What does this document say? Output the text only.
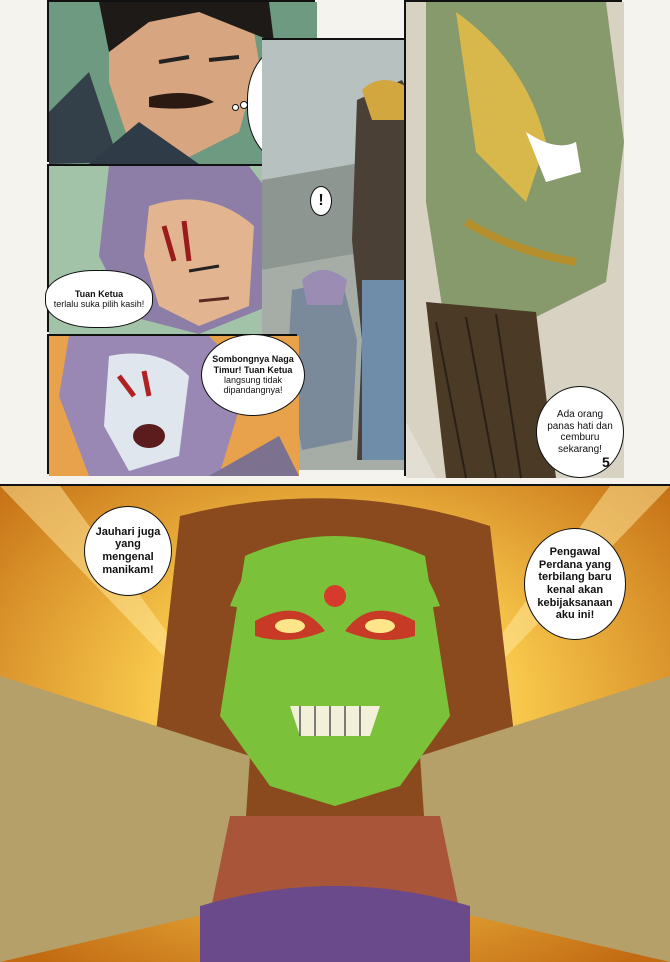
Tuan Ketua
terlalu suka pilih kasih!
!
Sombongnya Naga Timur! Tuan Ketua
langsung tidak dipandangnya!
Ada orang panas hati dan cemburu sekarang!
5
Jauhari juga yang mengenal manikam!
Pengawal Perdana yang terbilang baru kenal akan kebijaksanaan aku ini!
